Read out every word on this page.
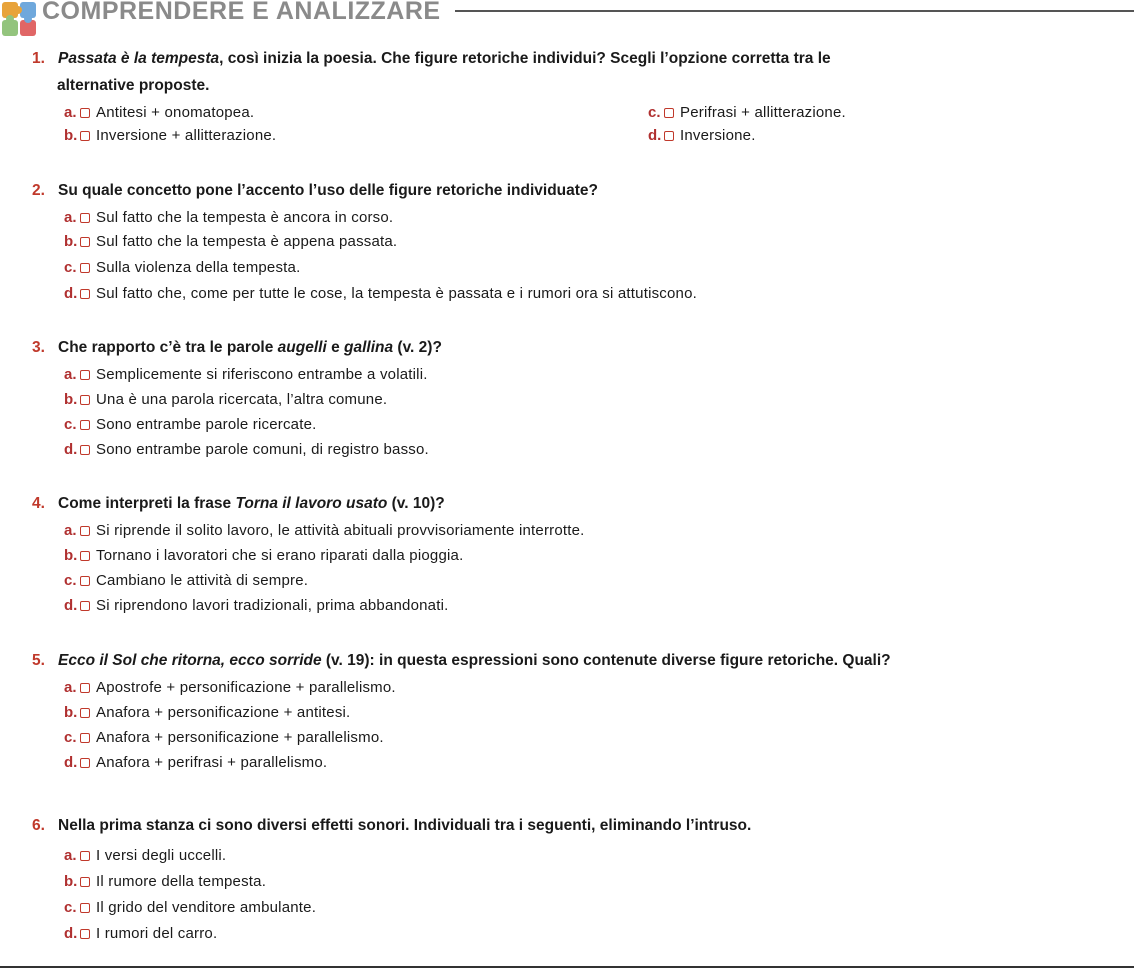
COMPRENDERE E ANALIZZARE
1. Passata è la tempesta, così inizia la poesia. Che figure retoriche individui? Scegli l’opzione corretta tra le
alternative proposte.
a. Antitesi + onomatopea.
b. Inversione + allitterazione.
c. Perifrasi + allitterazione.
d. Inversione.
2. Su quale concetto pone l’accento l’uso delle figure retoriche individuate?
a. Sul fatto che la tempesta è ancora in corso.
b. Sul fatto che la tempesta è appena passata.
c. Sulla violenza della tempesta.
d. Sul fatto che, come per tutte le cose, la tempesta è passata e i rumori ora si attutiscono.
3. Che rapporto c’è tra le parole augelli e gallina (v. 2)?
a. Semplicemente si riferiscono entrambe a volatili.
b. Una è una parola ricercata, l’altra comune.
c. Sono entrambe parole ricercate.
d. Sono entrambe parole comuni, di registro basso.
4. Come interpreti la frase Torna il lavoro usato (v. 10)?
a. Si riprende il solito lavoro, le attività abituali provvisoriamente interrotte.
b. Tornano i lavoratori che si erano riparati dalla pioggia.
c. Cambiano le attività di sempre.
d. Si riprendono lavori tradizionali, prima abbandonati.
5. Ecco il Sol che ritorna, ecco sorride (v. 19): in questa espressioni sono contenute diverse figure retoriche. Quali?
a. Apostrofe + personificazione + parallelismo.
b. Anafora + personificazione + antitesi.
c. Anafora + personificazione + parallelismo.
d. Anafora + perifrasi + parallelismo.
6. Nella prima stanza ci sono diversi effetti sonori. Individuali tra i seguenti, eliminando l’intruso.
a. I versi degli uccelli.
b. Il rumore della tempesta.
c. Il grido del venditore ambulante.
d. I rumori del carro.
